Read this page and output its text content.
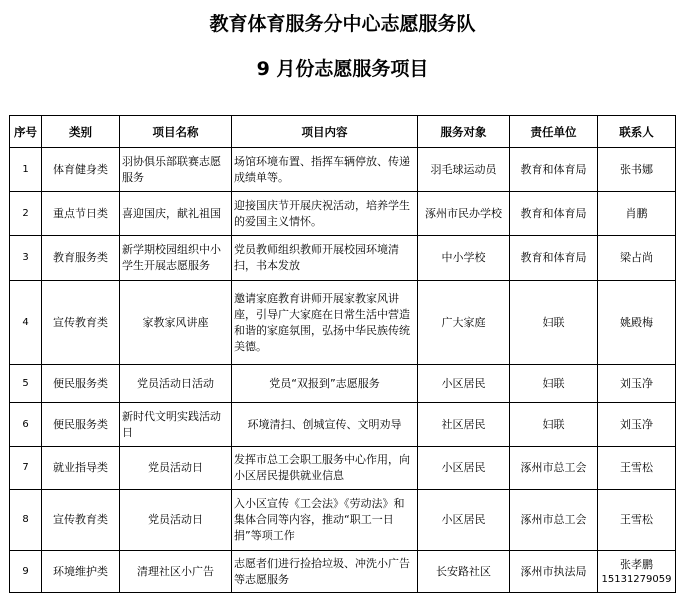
教育体育服务分中心志愿服务队
9 月份志愿服务项目
序号	类别	项目名称	项目内容	服务对象	责任单位	联系人
1	体育健身类	羽协俱乐部联赛志愿服务	场馆环境布置、指挥车辆停放、传递成绩单等。	羽毛球运动员	教育和体育局	张书娜
2	重点节日类	喜迎国庆，献礼祖国	迎接国庆节开展庆祝活动，培养学生的爱国主义情怀。	涿州市民办学校	教育和体育局	肖鹏
3	教育服务类	新学期校园组织中小学生开展志愿服务	党员教师组织教师开展校园环境清扫，书本发放	中小学校	教育和体育局	梁占尚
4	宣传教育类	家教家风讲座	邀请家庭教育讲师开展家教家风讲座，引导广大家庭在日常生活中营造和谐的家庭氛围，弘扬中华民族传统美德。	广大家庭	妇联	姚殿梅
5	便民服务类	党员活动日活动	党员“双报到”志愿服务	小区居民	妇联	刘玉净
6	便民服务类	新时代文明实践活动日	环境清扫、创城宣传、文明劝导	社区居民	妇联	刘玉净
7	就业指导类	党员活动日	发挥市总工会职工服务中心作用，向小区居民提供就业信息	小区居民	涿州市总工会	王雪松
8	宣传教育类	党员活动日	入小区宣传《工会法》《劳动法》和集体合同等内容，推动“职工一日捐”等项工作	小区居民	涿州市总工会	王雪松
9	环境维护类	清理社区小广告	志愿者们进行捡拾垃圾、冲洗小广告等志愿服务	长安路社区	涿州市执法局	张孝鹏
15131279059
